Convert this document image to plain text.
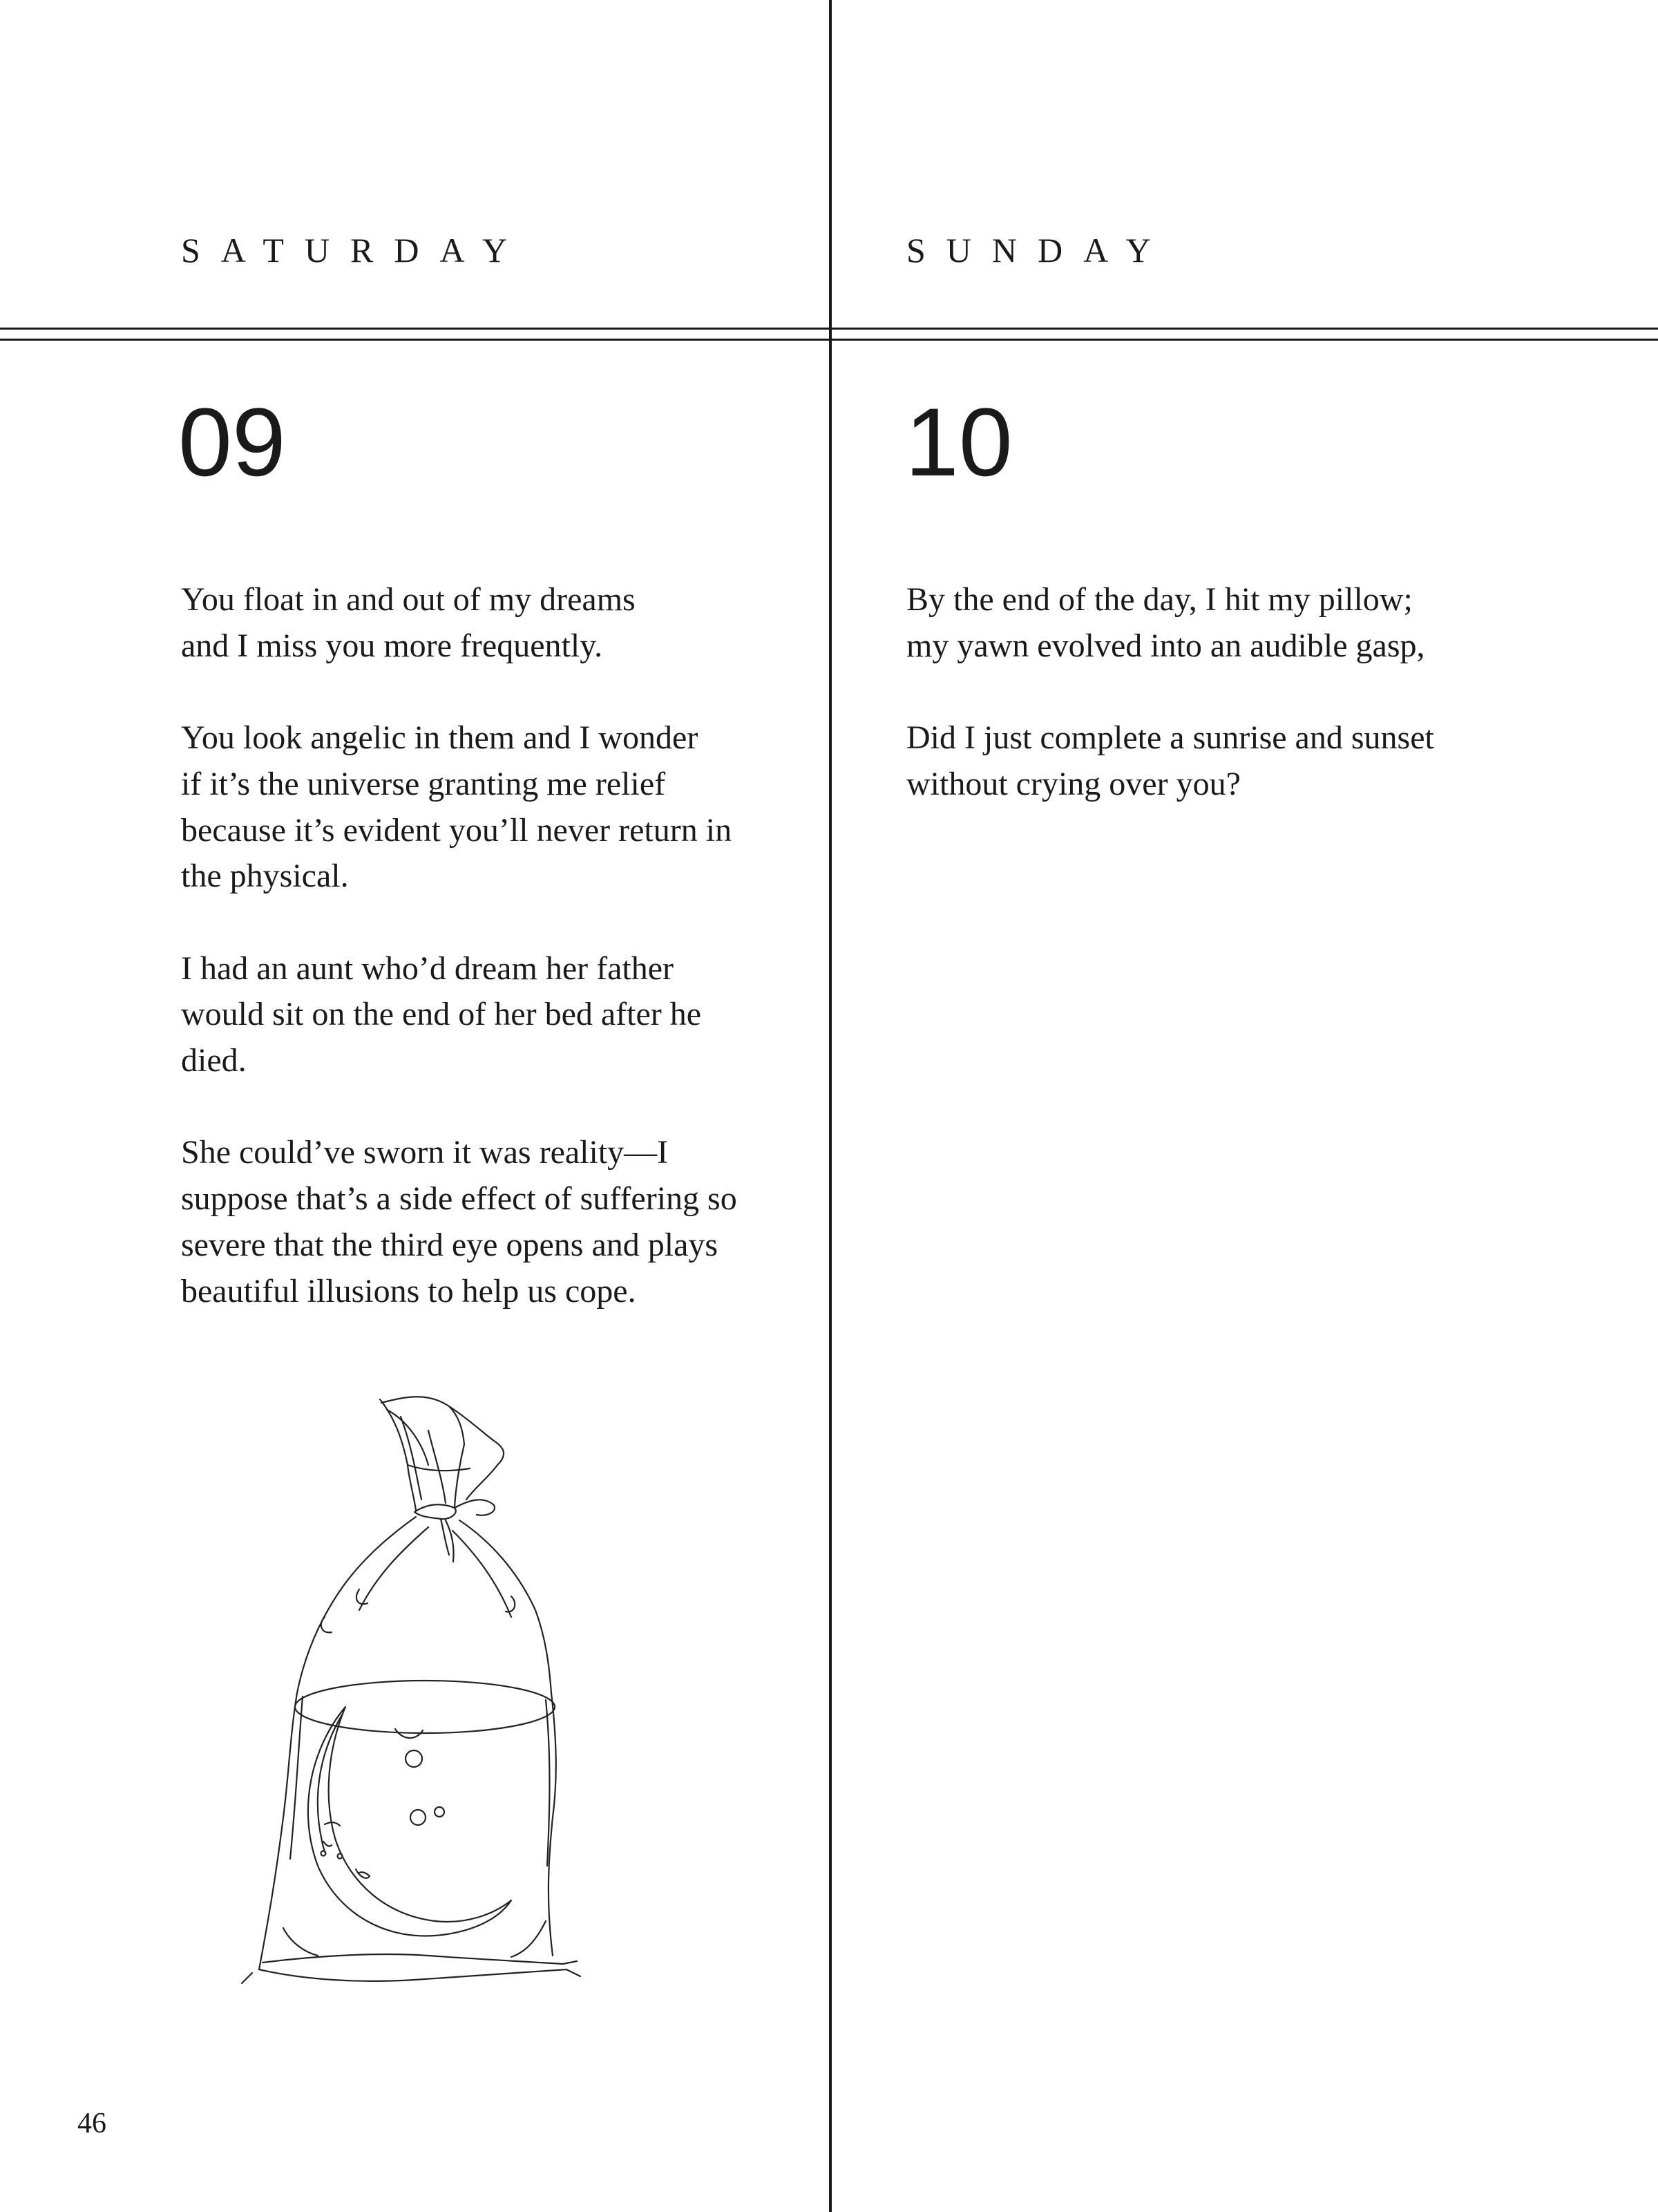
SATURDAY
09

You float in and out of my dreams
and I miss you more frequently.

You look angelic in them and I wonder
if it’s the universe granting me relief
because it’s evident you’ll never return in
the physical.

I had an aunt who’d dream her father
would sit on the end of her bed after he
died.

She could’ve sworn it was reality—I
suppose that’s a side effect of suffering so
severe that the third eye opens and plays
beautiful illusions to help us cope.

46
SUNDAY
10

By the end of the day, I hit my pillow;
my yawn evolved into an audible gasp,

Did I just complete a sunrise and sunset
without crying over you?
